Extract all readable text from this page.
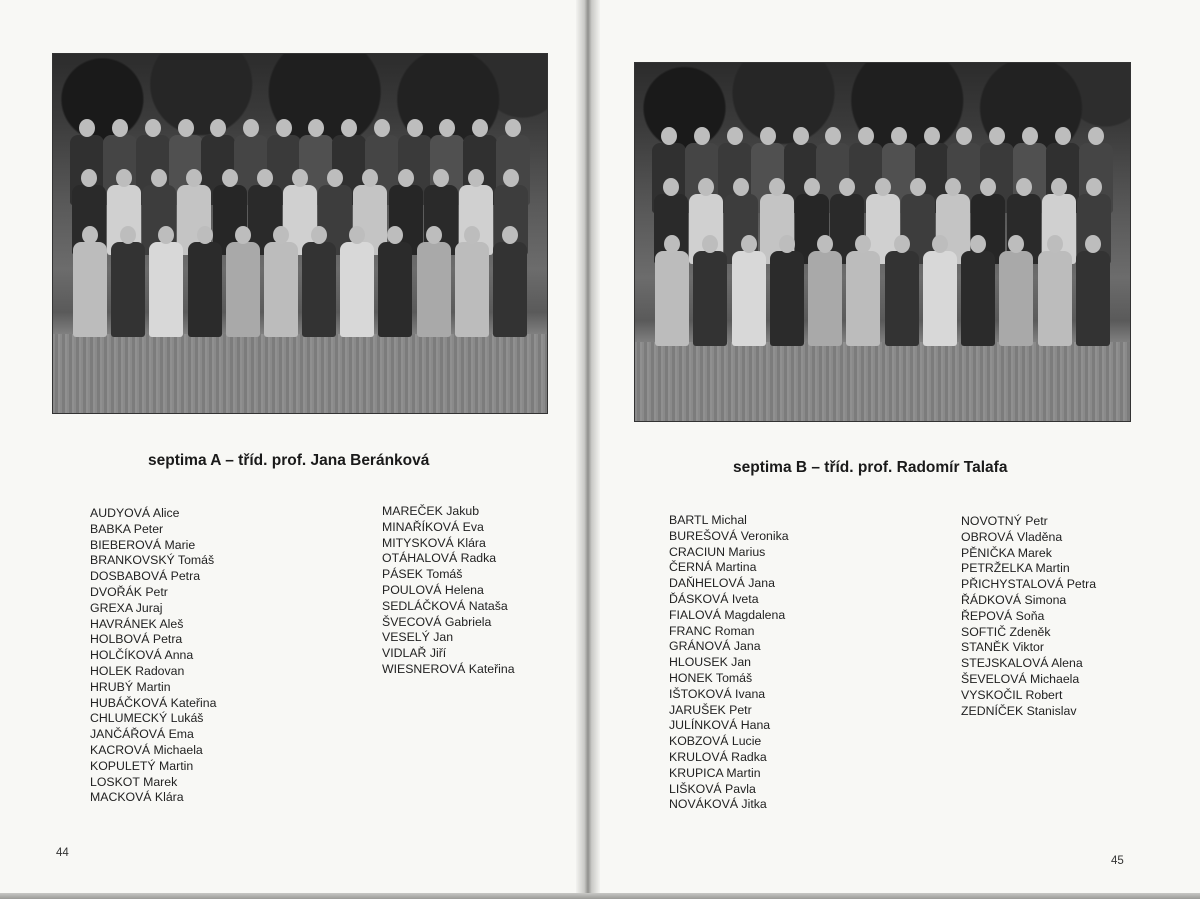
septima A – tříd. prof. Jana Beránková
AUDYOVÁ Alice
BABKA Peter
BIEBEROVÁ Marie
BRANKOVSKÝ Tomáš
DOSBABOVÁ Petra
DVOŘÁK Petr
GREXA Juraj
HAVRÁNEK Aleš
HOLBOVÁ Petra
HOLČÍKOVÁ Anna
HOLEK Radovan
HRUBÝ Martin
HUBÁČKOVÁ Kateřina
CHLUMECKÝ Lukáš
JANČÁŘOVÁ Ema
KACROVÁ Michaela
KOPULETÝ Martin
LOSKOT Marek
MACKOVÁ Klára
MAREČEK Jakub
MINAŘÍKOVÁ Eva
MITYSKOVÁ Klára
OTÁHALOVÁ Radka
PÁSEK Tomáš
POULOVÁ Helena
SEDLÁČKOVÁ Nataša
ŠVECOVÁ Gabriela
VESELÝ Jan
VIDLAŘ Jiří
WIESNEROVÁ Kateřina
44
septima B – tříd. prof. Radomír Talafa
BARTL Michal
BUREŠOVÁ Veronika
CRACIUN Marius
ČERNÁ Martina
DAŇHELOVÁ Jana
ĎÁSKOVÁ Iveta
FIALOVÁ Magdalena
FRANC Roman
GRÁNOVÁ Jana
HLOUSEK Jan
HONEK Tomáš
IŠTOKOVÁ Ivana
JARUŠEK Petr
JULÍNKOVÁ Hana
KOBZOVÁ Lucie
KRULOVÁ Radka
KRUPICA Martin
LIŠKOVÁ Pavla
NOVÁKOVÁ Jitka
NOVOTNÝ Petr
OBROVÁ Vladěna
PĚNIČKA Marek
PETRŽELKA Martin
PŘICHYSTALOVÁ Petra
ŘÁDKOVÁ Simona
ŘEPOVÁ Soňa
SOFTIČ Zdeněk
STANĚK Viktor
STEJSKALOVÁ Alena
ŠEVELOVÁ Michaela
VYSKOČIL Robert
ZEDNÍČEK Stanislav
45
